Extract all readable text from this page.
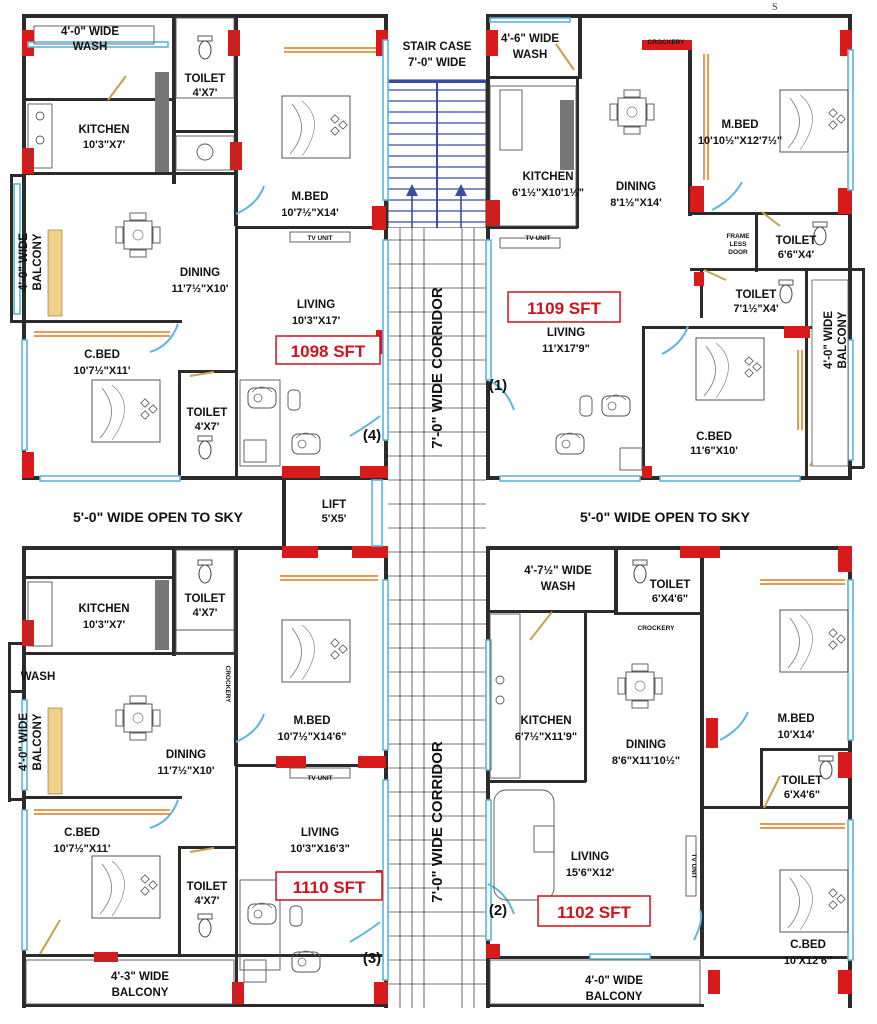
S
STAIR CASE
7'-0" WIDE
7'-0" WIDE CORRIDOR
7'-0" WIDE CORRIDOR
5'-0" WIDE OPEN TO SKY	5'-0" WIDE OPEN TO SKY
LIFT
5'X5'
4'-0" WIDE
WASH
TOILET
4'X7'
KITCHEN
10'3"X7'
M.BED
10'7½"X14'
4'-0" WIDE BALCONY	TV UNIT
DINING
11'7½"X10'
LIVING
10'3"X17'
1098 SFT
C.BED
10'7½"X11'
TOILET
4'X7'	(4)
4'-6" WIDE
WASH
CROCKERY
M.BED
10'10½"X12'7½"
KITCHEN
6'1½"X10'1½"	DINING
8'1½"X14'
TV UNIT	FRAME
LESS
DOOR
TOILET
6'6"X4'
1109 SFT
TOILET
7'1½"X4'
4'-0" WIDE BALCONY
LIVING
11'X17'9"
(1)
C.BED
11'6"X10'
KITCHEN
10'3"X7'
TOILET
4'X7'
WASH	CROCKERY
4'-0" WIDE BALCONY	M.BED
10'7½"X14'6"
DINING
11'7½"X10'
TV UNIT
C.BED
10'7½"X11'
LIVING
10'3"X16'3"
1110 SFT
TOILET
4'X7'
(3)
4'-3" WIDE
BALCONY
4'-7½" WIDE
WASH	TOILET
6'X4'6"
CROCKERY
M.BED
10'X14'
KITCHEN
6'7½"X11'9"
DINING
8'6"X11'10½"
TOILET
6'X4'6"
TV UNIT
LIVING
15'6"X12'
1102 SFT
(2)
C.BED
10'X12'6"
4'-0" WIDE
BALCONY
